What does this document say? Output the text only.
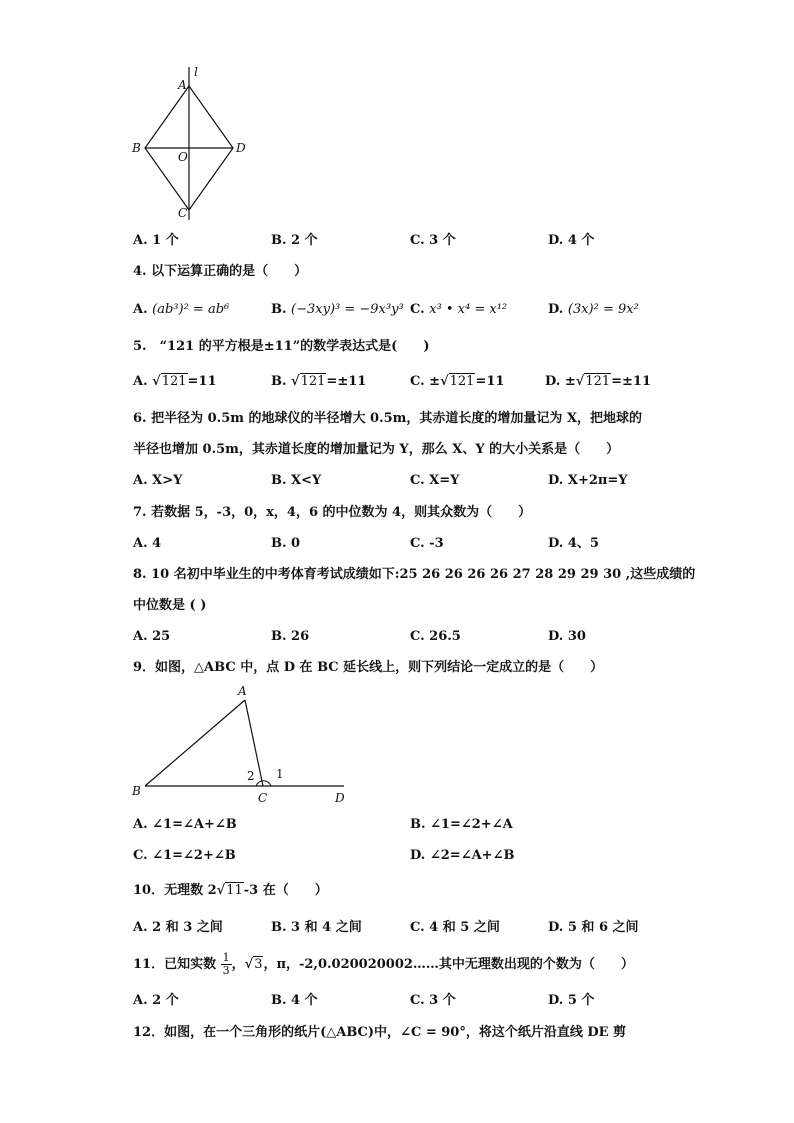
A
l
B
O
D
C
A. 1 个	B. 2 个	C. 3 个	D. 4 个
4. 以下运算正确的是（　　）
A. (ab³)² = ab⁶	B. (−3xy)³ = −9x³y³ C. x³ • x⁴ = x¹²	D. (3x)² = 9x²
5.　“121 的平方根是±11”的数学表达式是(　　)
A. √121=11	B. √121=±11	C. ±√121=11	D. ±√121=±11
6. 把半径为 0.5m 的地球仪的半径增大 0.5m，其赤道长度的增加量记为 X，把地球的
半径也增加 0.5m，其赤道长度的增加量记为 Y，那么 X、Y 的大小关系是（　　）
A. X>Y	B. X<Y	C. X=Y	D. X+2π=Y
7. 若数据 5，-3，0，x，4，6 的中位数为 4，则其众数为（　　）
A. 4	B. 0	C. -3	D. 4、5
8. 10 名初中毕业生的中考体育考试成绩如下:25 26 26 26 26 27 28 29 29 30 ,这些成绩的
中位数是 ( )
A. 25	B. 26	C. 26.5	D. 30
9．如图，△ABC 中，点 D 在 BC 延长线上，则下列结论一定成立的是（　　）
A
B	C	D
2 1
A. ∠1=∠A+∠B	B. ∠1=∠2+∠A
C. ∠1=∠2+∠B	D. ∠2=∠A+∠B
10．无理数 2√11-3 在（　　）
A. 2 和 3 之间	B. 3 和 4 之间	C. 4 和 5 之间	D. 5 和 6 之间
11．已知实数 $\frac{1}{3}$ ，√3，π，-2,0.020020002……其中无理数出现的个数为（　　）
A. 2 个	B. 4 个	C. 3 个	D. 5 个
12．如图，在一个三角形的纸片(△ABC)中，∠C = 90°，将这个纸片沿直线 DE 剪
